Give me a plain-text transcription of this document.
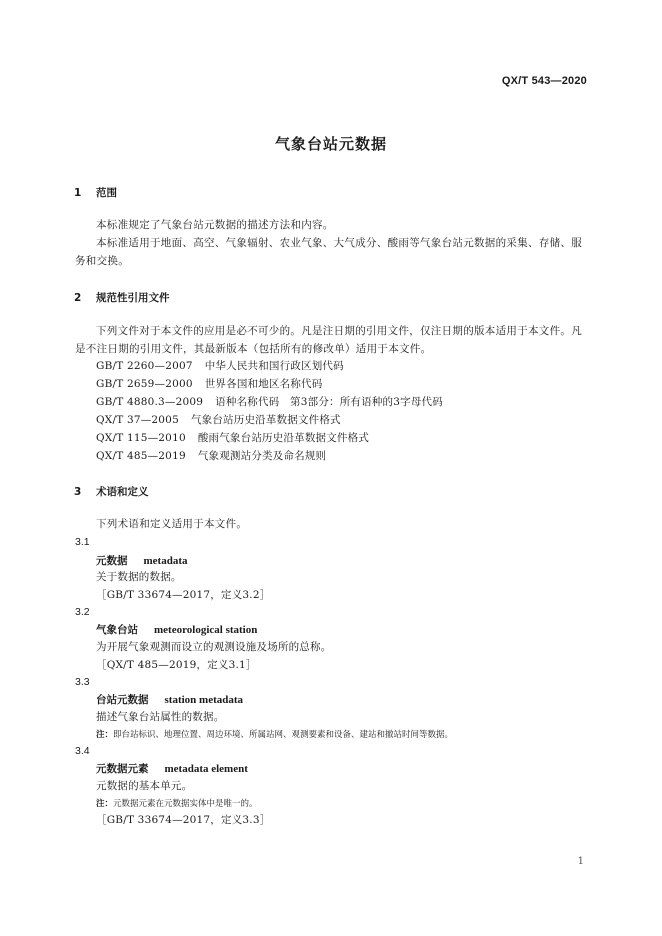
QX/T 543—2020
气象台站元数据
1 范围
本标准规定了气象台站元数据的描述方法和内容。
本标准适用于地面、高空、气象辐射、农业气象、大气成分、酸雨等气象台站元数据的采集、存储、服务和交换。
2 规范性引用文件
下列文件对于本文件的应用是必不可少的。凡是注日期的引用文件，仅注日期的版本适用于本文件。凡是不注日期的引用文件，其最新版本（包括所有的修改单）适用于本文件。
GB/T 2260—2007 中华人民共和国行政区划代码
GB/T 2659—2000 世界各国和地区名称代码
GB/T 4880.3—2009 语种名称代码　第3部分：所有语种的3字母代码
QX/T 37—2005 气象台站历史沿革数据文件格式
QX/T 115—2010 酸雨气象台站历史沿革数据文件格式
QX/T 485—2019 气象观测站分类及命名规则
3 术语和定义
下列术语和定义适用于本文件。
3.1
元数据 metadata
关于数据的数据。
［GB/T 33674—2017，定义3.2］
3.2
气象台站 meteorological station
为开展气象观测而设立的观测设施及场所的总称。
［QX/T 485—2019，定义3.1］
3.3
台站元数据 station metadata
描述气象台站属性的数据。
注：即台站标识、地理位置、周边环境、所属站网、观测要素和设备、建站和撤站时间等数据。
3.4
元数据元素 metadata element
元数据的基本单元。
注：元数据元素在元数据实体中是唯一的。
［GB/T 33674—2017，定义3.3］
1
